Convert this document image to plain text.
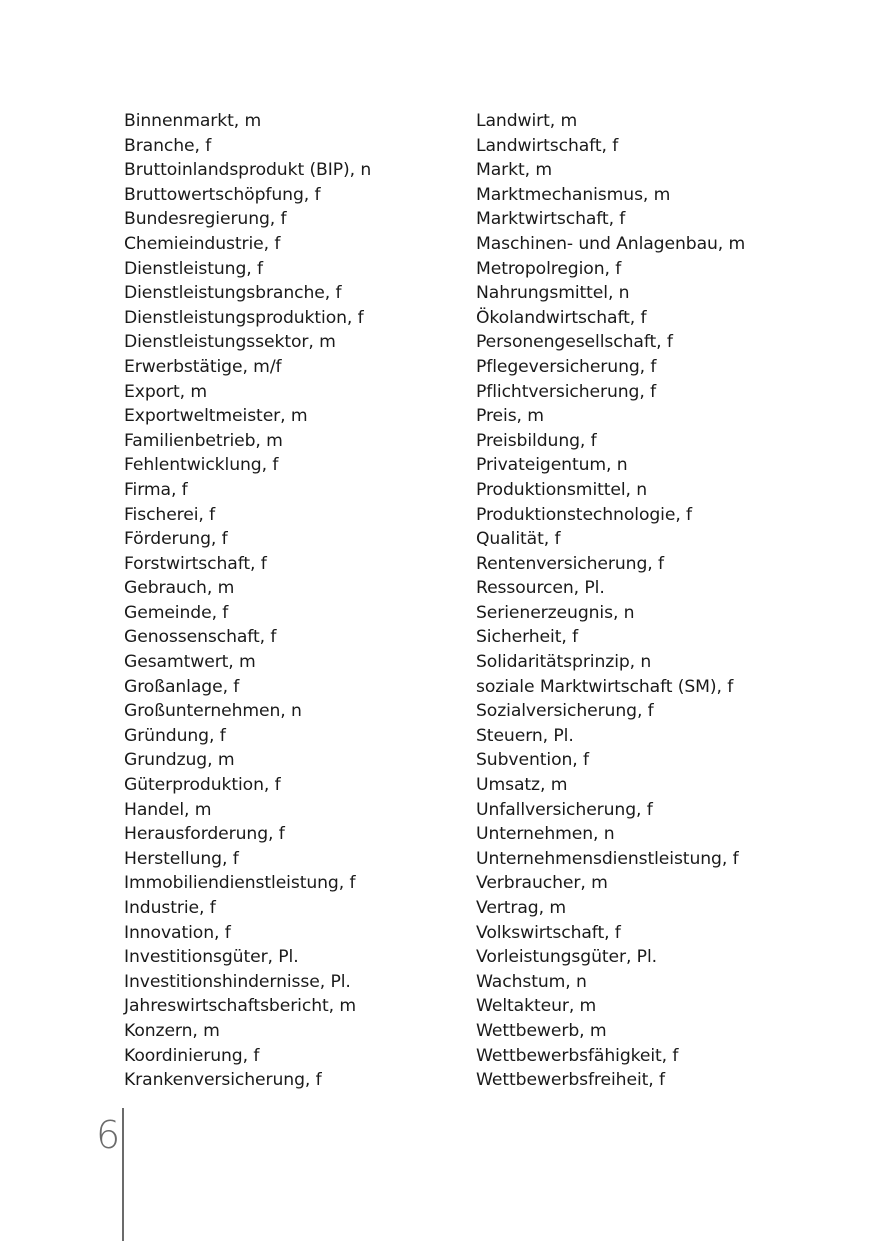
Binnenmarkt, m
Branche, f
Bruttoinlandsprodukt (BIP), n
Bruttowertschöpfung, f
Bundesregierung, f
Chemieindustrie, f
Dienstleistung, f
Dienstleistungsbranche, f
Dienstleistungsproduktion, f
Dienstleistungssektor, m
Erwerbstätige, m/f
Export, m
Exportweltmeister, m
Familienbetrieb, m
Fehlentwicklung, f
Firma, f
Fischerei, f
Förderung, f
Forstwirtschaft, f
Gebrauch, m
Gemeinde, f
Genossenschaft, f
Gesamtwert, m
Großanlage, f
Großunternehmen, n
Gründung, f
Grundzug, m
Güterproduktion, f
Handel, m
Herausforderung, f
Herstellung, f
Immobiliendienstleistung, f
Industrie, f
Innovation, f
Investitionsgüter, Pl.
Investitionshindernisse, Pl.
Jahreswirtschaftsbericht, m
Konzern, m
Koordinierung, f
Krankenversicherung, f
Landwirt, m
Landwirtschaft, f
Markt, m
Marktmechanismus, m
Marktwirtschaft, f
Maschinen- und Anlagenbau, m
Metropolregion, f
Nahrungsmittel, n
Ökolandwirtschaft, f
Personengesellschaft, f
Pflegeversicherung, f
Pflichtversicherung, f
Preis, m
Preisbildung, f
Privateigentum, n
Produktionsmittel, n
Produktionstechnologie, f
Qualität, f
Rentenversicherung, f
Ressourcen, Pl.
Serienerzeugnis, n
Sicherheit, f
Solidaritätsprinzip, n
soziale Marktwirtschaft (SM), f
Sozialversicherung, f
Steuern, Pl.
Subvention, f
Umsatz, m
Unfallversicherung, f
Unternehmen, n
Unternehmensdienstleistung, f
Verbraucher, m
Vertrag, m
Volkswirtschaft, f
Vorleistungsgüter, Pl.
Wachstum, n
Weltakteur, m
Wettbewerb, m
Wettbewerbsfähigkeit, f
Wettbewerbsfreiheit, f
6
